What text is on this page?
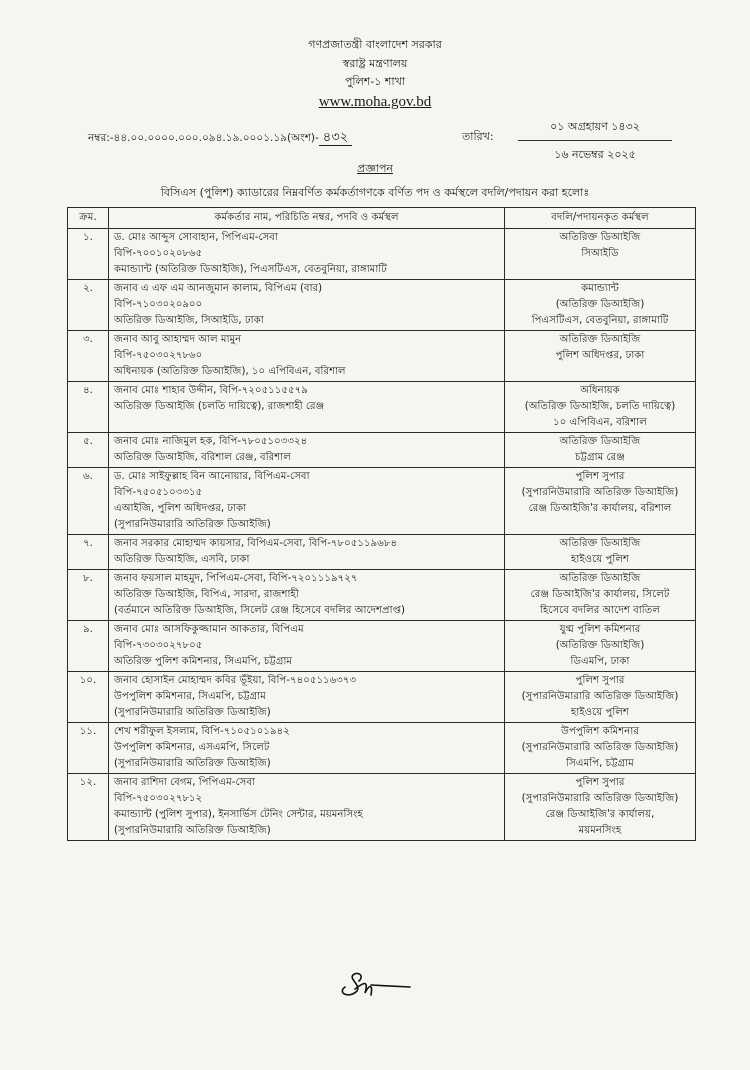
গণপ্রজাতন্ত্রী বাংলাদেশ সরকার
স্বরাষ্ট্র মন্ত্রণালয়
পুলিশ-১ শাখা
www.moha.gov.bd
নম্বর:-৪৪.০০.০০০০.০০০.০৯৪.১৯.০০০১.১৯(অংশ)- ৪৩২	তারিখ:
০১ অগ্রহায়ণ ১৪৩২
১৬ নভেম্বর ২০২৫
প্রজ্ঞাপন
বিসিএস (পুলিশ) ক্যাডারের নিম্নবর্ণিত কর্মকর্তাগণকে বর্ণিত পদ ও কর্মস্থলে বদলি/পদায়ন করা হলোঃ
ক্রম.	কর্মকর্তার নাম, পরিচিতি নম্বর, পদবি ও কর্মস্থল	বদলি/পদায়নকৃত কর্মস্থল
১.	ড. মোঃ আব্দুস সোবাহান, পিপিএম-সেবা
বিপি-৭০০১০২০৮৬৫
কমান্ড্যান্ট (অতিরিক্ত ডিআইজি), পিএসটিএস, বেতবুনিয়া, রাঙ্গামাটি	অতিরিক্ত ডিআইজি
সিআইডি

২.	জনাব এ এফ এম আনজুমান কালাম, বিপিএম (বার)
বিপি-৭১০৩০২০৯০০
অতিরিক্ত ডিআইজি, সিআইডি, ঢাকা	কমান্ড্যান্ট
(অতিরিক্ত ডিআইজি)
পিএসটিএস, বেতবুনিয়া, রাঙ্গামাটি

৩.	জনাব আবু আহাম্মদ আল মামুন
বিপি-৭৫০৩০২৭৮৬০
অধিনায়ক (অতিরিক্ত ডিআইজি), ১০ এপিবিএন, বরিশাল	অতিরিক্ত ডিআইজি
পুলিশ অধিদপ্তর, ঢাকা

৪.	জনাব মোঃ শাহাব উদ্দীন, বিপি-৭২০৫১১৫৫৭৯
অতিরিক্ত ডিআইজি (চলতি দায়িত্বে), রাজশাহী রেঞ্জ	অধিনায়ক
(অতিরিক্ত ডিআইজি, চলতি দায়িত্বে)
১০ এপিবিএন, বরিশাল

৫.	জনাব মোঃ নাজিমুল হক, বিপি-৭৮০৫১০৩৩২৪
অতিরিক্ত ডিআইজি, বরিশাল রেঞ্জ, বরিশাল	অতিরিক্ত ডিআইজি
চট্টগ্রাম রেঞ্জ

৬.	ড. মোঃ সাইফুল্লাহ বিন আনোয়ার, বিপিএম-সেবা
বিপি-৭৫০৫১০৩৩১৫
এআইজি, পুলিশ অধিদপ্তর, ঢাকা
(সুপারনিউমারারি অতিরিক্ত ডিআইজি)	পুলিশ সুপার
(সুপারনিউমারারি অতিরিক্ত ডিআইজি)
রেঞ্জ ডিআইজি'র কার্যালয়, বরিশাল

৭.	জনাব সরকার মোহাম্মদ কায়সার, বিপিএম-সেবা, বিপি-৭৮০৫১১৯৬৮৪
অতিরিক্ত ডিআইজি, এসবি, ঢাকা	অতিরিক্ত ডিআইজি
হাইওয়ে পুলিশ

৮.	জনাব ফয়সাল মাহমুদ, পিপিএম-সেবা, বিপি-৭২০১১১৯৭২৭
অতিরিক্ত ডিআইজি, বিপিএ, সারদা, রাজশাহী
(বর্তমানে অতিরিক্ত ডিআইজি, সিলেট রেঞ্জ হিসেবে বদলির আদেশপ্রাপ্ত)	অতিরিক্ত ডিআইজি
রেঞ্জ ডিআইজি'র কার্যালয়, সিলেট
হিসেবে বদলির আদেশ বাতিল

৯.	জনাব মোঃ আসফিকুজ্জামান আকতার, বিপিএম
বিপি-৭৩০৩০২৭৮০৫
অতিরিক্ত পুলিশ কমিশনার, সিএমপি, চট্টগ্রাম	যুগ্ম পুলিশ কমিশনার
(অতিরিক্ত ডিআইজি)
ডিএমপি, ঢাকা

১০.	জনাব হোসাইন মোহাম্মদ কবির ভূঁইয়া, বিপি-৭৪০৫১১৬৩৭৩
উপপুলিশ কমিশনার, সিএমপি, চট্টগ্রাম
(সুপারনিউমারারি অতিরিক্ত ডিআইজি)	পুলিশ সুপার
(সুপারনিউমারারি অতিরিক্ত ডিআইজি)
হাইওয়ে পুলিশ

১১.	শেখ শরীফুল ইসলাম, বিপি-৭১০৫১০১৯৪২
উপপুলিশ কমিশনার, এসএমপি, সিলেট
(সুপারনিউমারারি অতিরিক্ত ডিআইজি)	উপপুলিশ কমিশনার
(সুপারনিউমারারি অতিরিক্ত ডিআইজি)
সিএমপি, চট্টগ্রাম

১২.	জনাব রাশিদা বেগম, পিপিএম-সেবা
বিপি-৭৫০৩০২৭৮১২
কমান্ড্যান্ট (পুলিশ সুপার), ইনসার্ভিস টেনিং সেন্টার, ময়মনসিংহ
(সুপারনিউমারারি অতিরিক্ত ডিআইজি)	পুলিশ সুপার
(সুপারনিউমারারি অতিরিক্ত ডিআইজি)
রেঞ্জ ডিআইজি'র কার্যালয়,
ময়মনসিংহ
